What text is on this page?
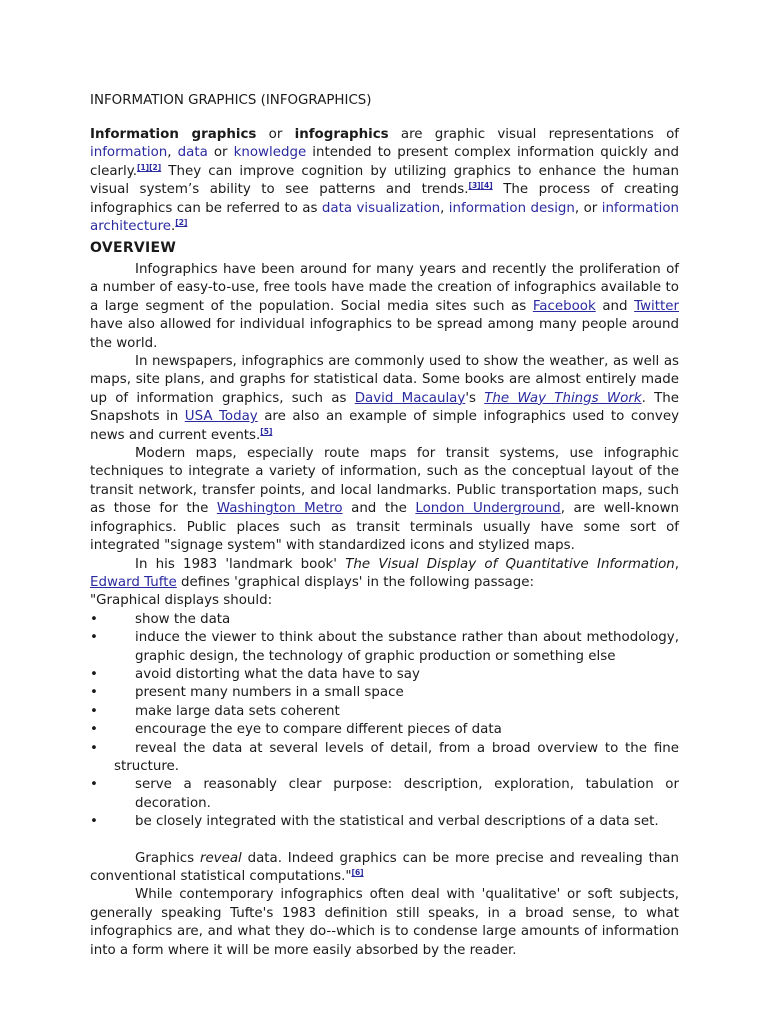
INFORMATION GRAPHICS (INFOGRAPHICS)

Information graphics or infographics are graphic visual representations of information, data or knowledge intended to present complex information quickly and clearly.[1][2] They can improve cognition by utilizing graphics to enhance the human visual system’s ability to see patterns and trends.[3][4] The process of creating infographics can be referred to as data visualization, information design, or information architecture.[2]

OVERVIEW

Infographics have been around for many years and recently the proliferation of a number of easy-to-use, free tools have made the creation of infographics available to a large segment of the population. Social media sites such as Facebook and Twitter have also allowed for individual infographics to be spread among many people around the world.

In newspapers, infographics are commonly used to show the weather, as well as maps, site plans, and graphs for statistical data. Some books are almost entirely made up of information graphics, such as David Macaulay's The Way Things Work. The Snapshots in USA Today are also an example of simple infographics used to convey news and current events.[5]

Modern maps, especially route maps for transit systems, use infographic techniques to integrate a variety of information, such as the conceptual layout of the transit network, transfer points, and local landmarks. Public transportation maps, such as those for the Washington Metro and the London Underground, are well-known infographics. Public places such as transit terminals usually have some sort of integrated "signage system" with standardized icons and stylized maps.

In his 1983 'landmark book' The Visual Display of Quantitative Information, Edward Tufte defines 'graphical displays' in the following passage:

"Graphical displays should:

•	show the data
•	induce the viewer to think about the substance rather than about methodology, graphic design, the technology of graphic production or something else
•	avoid distorting what the data have to say
•	present many numbers in a small space
•	make large data sets coherent
•	encourage the eye to compare different pieces of data
•	reveal the data at several levels of detail, from a broad overview to the fine structure.
•	serve a reasonably clear purpose: description, exploration, tabulation or decoration.
•	be closely integrated with the statistical and verbal descriptions of a data set.

Graphics reveal data. Indeed graphics can be more precise and revealing than conventional statistical computations."[6]

While contemporary infographics often deal with 'qualitative' or soft subjects, generally speaking Tufte's 1983 definition still speaks, in a broad sense, to what infographics are, and what they do--which is to condense large amounts of information into a form where it will be more easily absorbed by the reader.
